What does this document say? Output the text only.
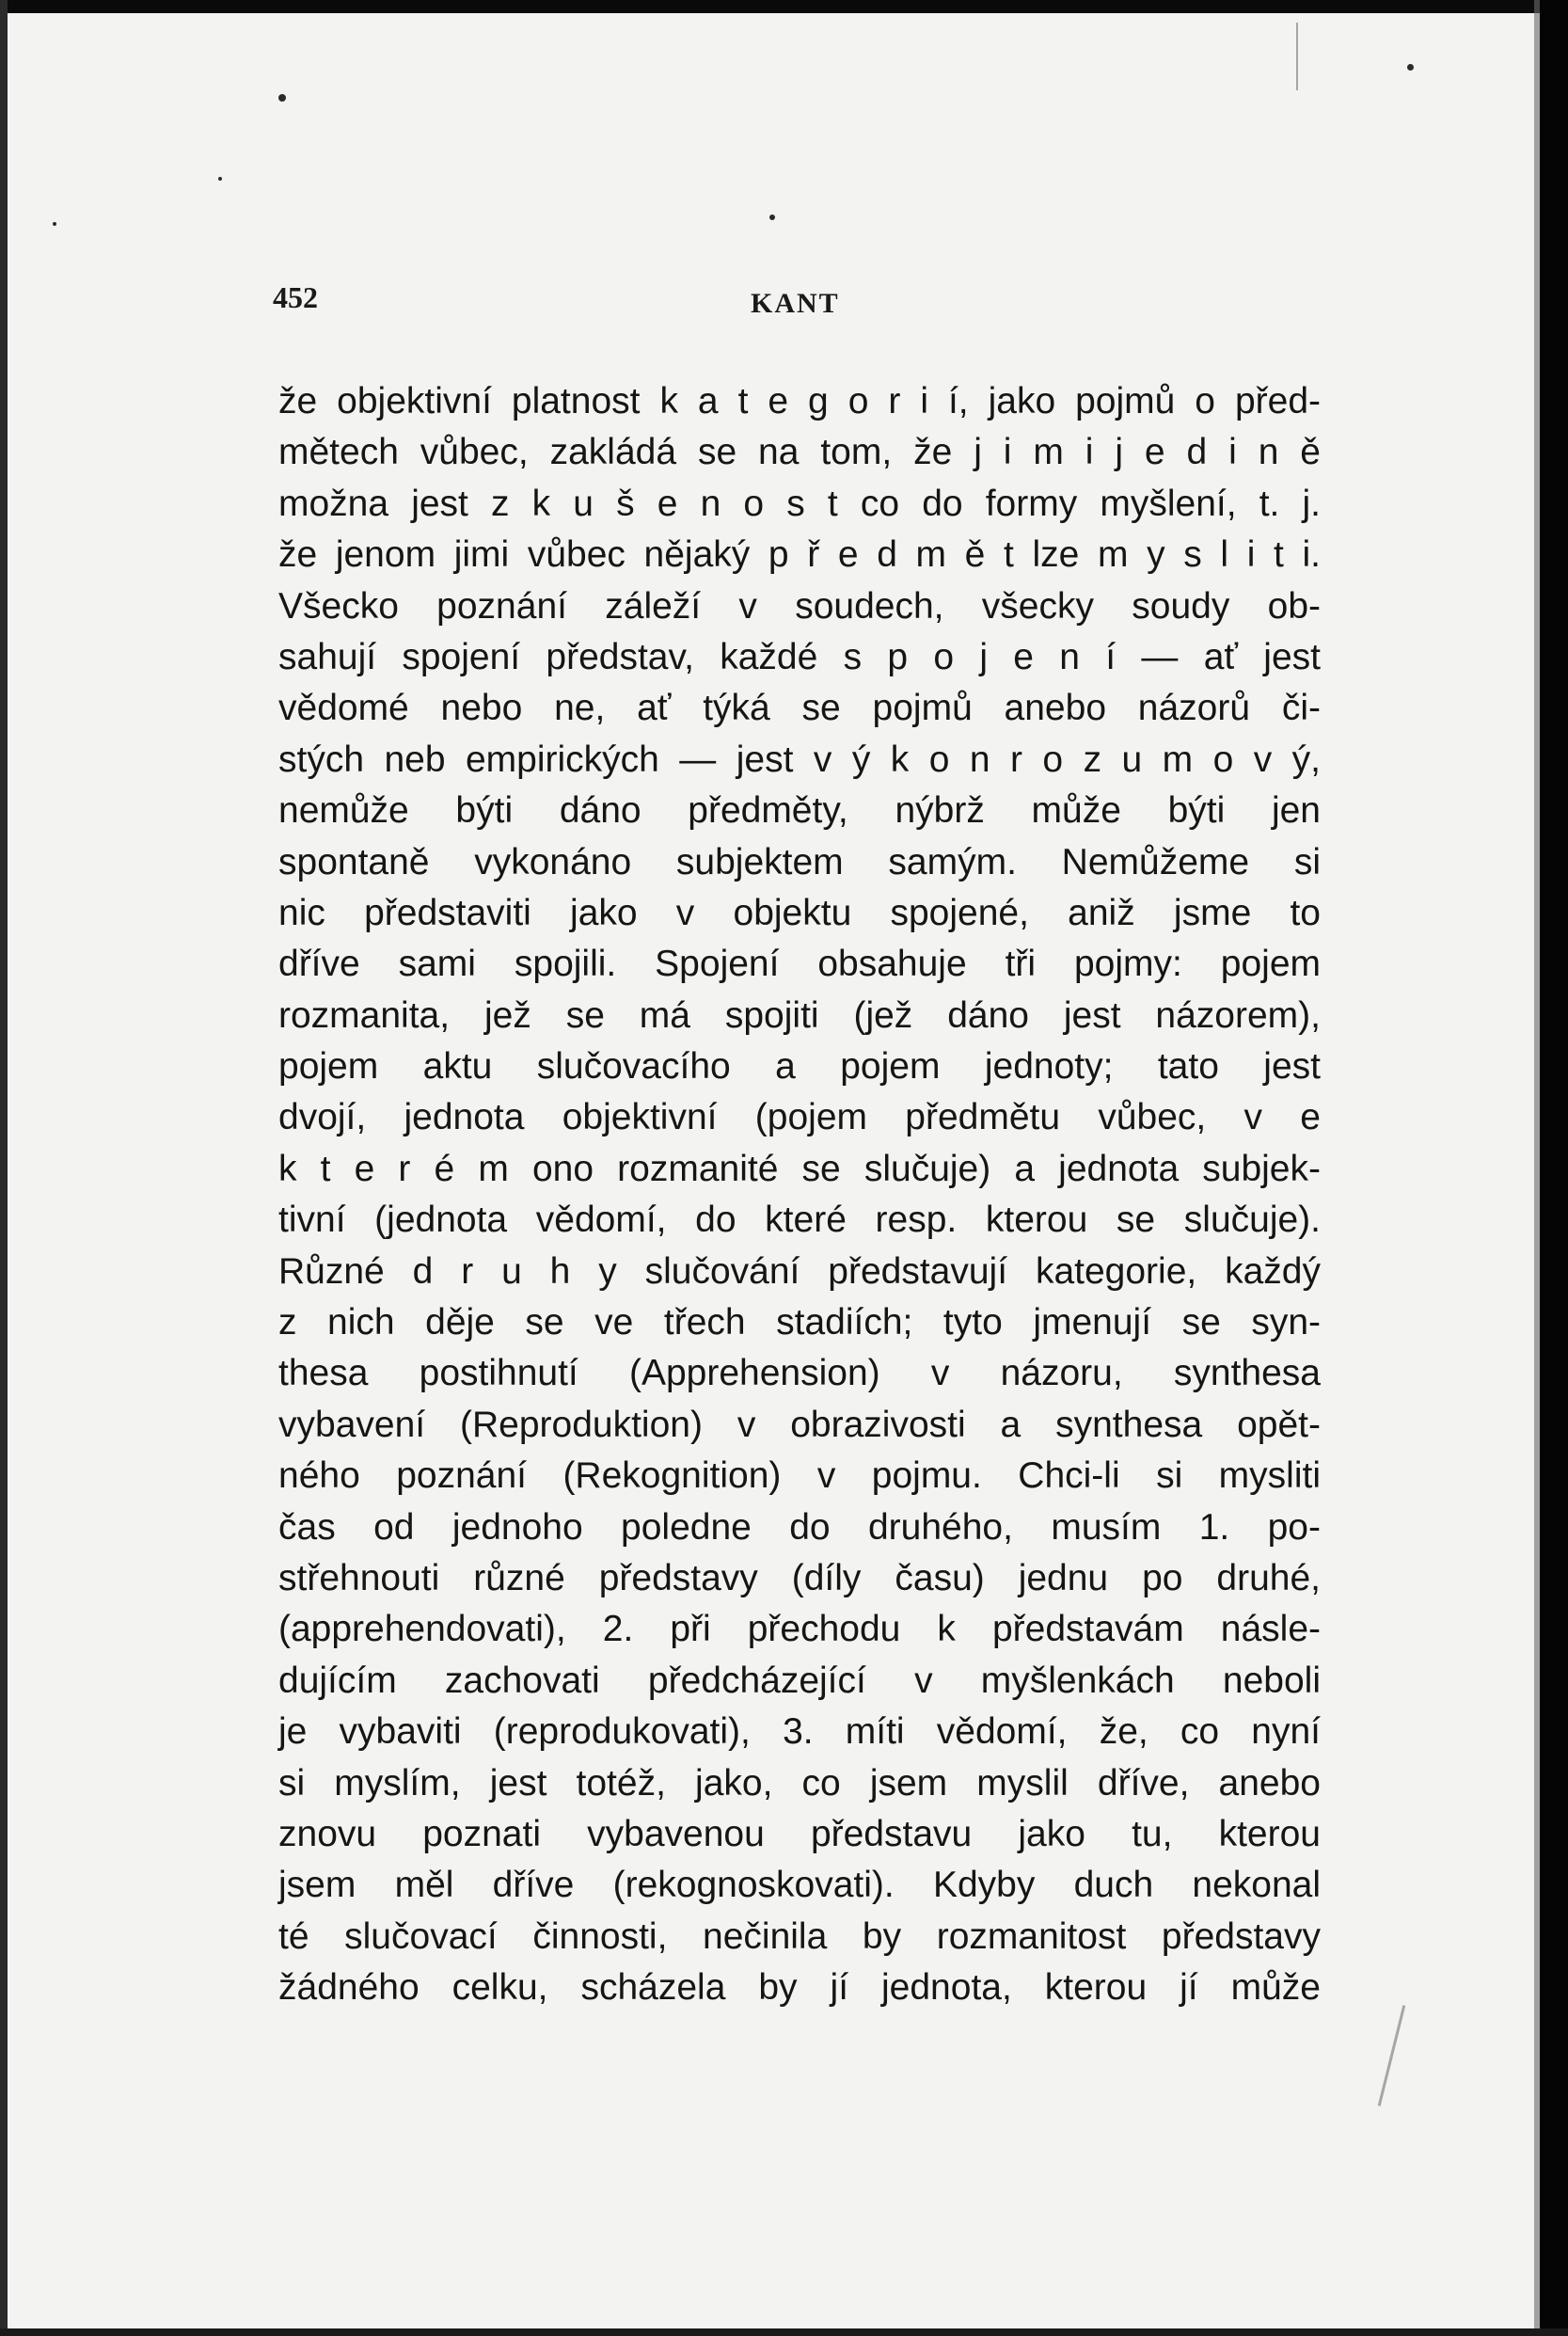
452	KANT
že objektivní platnost k a t e g o r i í, jako pojmů o před-
mětech vůbec, zakládá se na tom, že j i m i j e d i n ě
možna jest z k u š e n o s t co do formy myšlení, t. j.
že jenom jimi vůbec nějaký p ř e d m ě t lze m y s l i t i.
Všecko poznání záleží v soudech, všecky soudy ob-
sahují spojení představ, každé s p o j e n í — ať jest
vědomé nebo ne, ať týká se pojmů anebo názorů či-
stých neb empirických — jest v ý k o n r o z u m o v ý,
nemůže býti dáno předměty, nýbrž může býti jen
spontaně vykonáno subjektem samým. Nemůžeme si
nic představiti jako v objektu spojené, aniž jsme to
dříve sami spojili. Spojení obsahuje tři pojmy: pojem
rozmanita, jež se má spojiti (jež dáno jest názorem),
pojem aktu slučovacího a pojem jednoty; tato jest
dvojí, jednota objektivní (pojem předmětu vůbec, v e
k t e r é m ono rozmanité se slučuje) a jednota subjek-
tivní (jednota vědomí, do které resp. kterou se slučuje).
Různé d r u h y slučování představují kategorie, každý
z nich děje se ve třech stadiích; tyto jmenují se syn-
thesa postihnutí (Apprehension) v názoru, synthesa
vybavení (Reproduktion) v obrazivosti a synthesa opět-
ného poznání (Rekognition) v pojmu. Chci-li si mysliti
čas od jednoho poledne do druhého, musím 1. po-
střehnouti různé představy (díly času) jednu po druhé,
(apprehendovati), 2. při přechodu k představám násle-
dujícím zachovati předcházející v myšlenkách neboli
je vybaviti (reprodukovati), 3. míti vědomí, že, co nyní
si myslím, jest totéž, jako, co jsem myslil dříve, anebo
znovu poznati vybavenou představu jako tu, kterou
jsem měl dříve (rekognoskovati). Kdyby duch nekonal
té slučovací činnosti, nečinila by rozmanitost představy
žádného celku, scházela by jí jednota, kterou jí může
